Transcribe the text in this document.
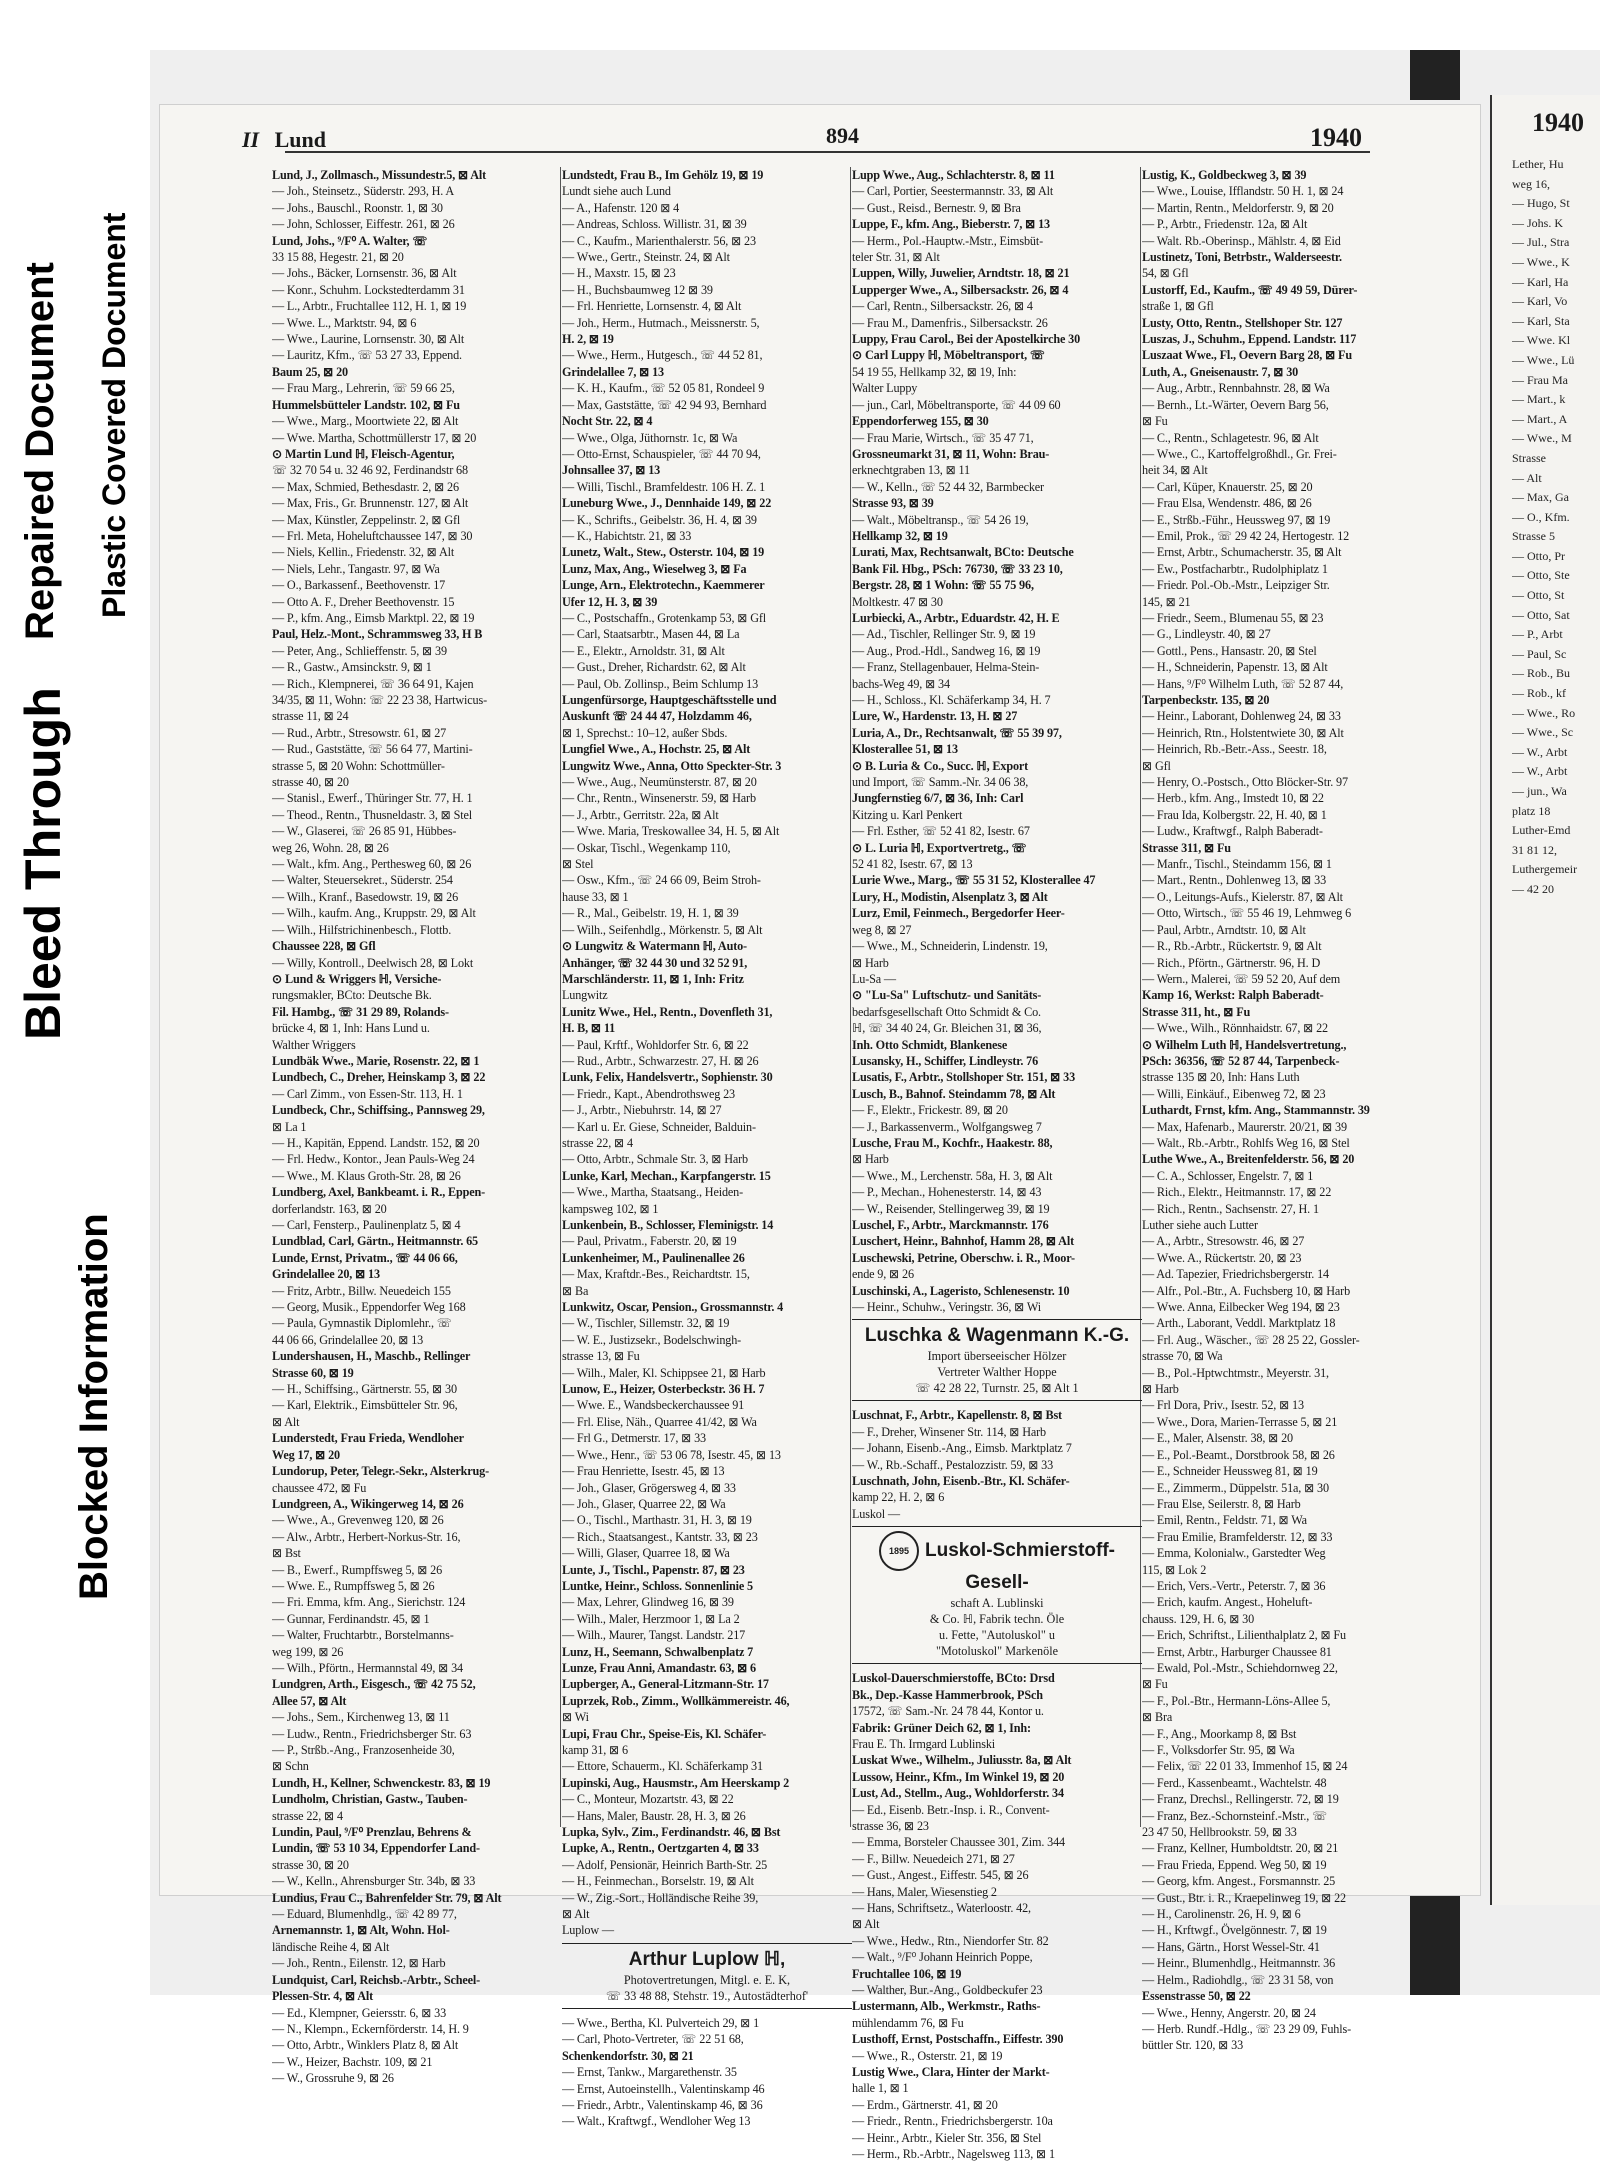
Repaired Document Plastic Covered Document
Bleed Through
Blocked Information
1940
Lether, Hu
weg 16,
— Hugo, St
— Johs. K
— Jul., Stra
— Wwe., K
— Karl, Ha
— Karl, Vo
— Karl, Sta
— Wwe. Kl
— Wwe., Lü
— Frau Ma
— Mart., k
— Mart., A
— Wwe., M
Strasse
— Alt
— Max, Ga
— O., Kfm.
Strasse 5
— Otto, Pr
— Otto, Ste
— Otto, St
— Otto, Sat
— P., Arbt
— Paul, Sc
— Rob., Bu
— Rob., kf
— Wwe., Ro
— Wwe., Sc
— W., Arbt
— W., Arbt
— jun., Wa
platz 18
Luther-Emd
31 81 12,
Luthergemeir
— 42 20
II Lund	894	1940

Lund, J., Zollmasch., Missundestr.5, ⊠ Alt

— Joh., Steinsetz., Süderstr. 293, H. A

— Johs., Bauschl., Roonstr. 1, ⊠ 30

— John, Schlosser, Eiffestr. 261, ⊠ 26

Lund, Johs., ⁹/F⁰ A. Walter, ☏

33 15 88, Hegestr. 21, ⊠ 20

— Johs., Bäcker, Lornsenstr. 36, ⊠ Alt

— Konr., Schuhm. Lockstedterdamm 31

— L., Arbtr., Fruchtallee 112, H. 1, ⊠ 19

— Wwe. L., Marktstr. 94, ⊠ 6

— Wwe., Laurine, Lornsenstr. 30, ⊠ Alt

— Lauritz, Kfm., ☏ 53 27 33, Eppend.

Baum 25, ⊠ 20

— Frau Marg., Lehrerin, ☏ 59 66 25,

Hummelsbütteler Landstr. 102, ⊠ Fu

— Wwe., Marg., Moortwiete 22, ⊠ Alt

— Wwe. Martha, Schottmüllerstr 17, ⊠ 20

⊙ Martin Lund ℍ, Fleisch-Agentur,

☏ 32 70 54 u. 32 46 92, Ferdinandstr 68

— Max, Schmied, Bethesdastr. 2, ⊠ 26

— Max, Fris., Gr. Brunnenstr. 127, ⊠ Alt

— Max, Künstler, Zeppelinstr. 2, ⊠ Gfl

— Frl. Meta, Hoheluftchaussee 147, ⊠ 30

— Niels, Kellin., Friedenstr. 32, ⊠ Alt

— Niels, Lehr., Tangastr. 97, ⊠ Wa

— O., Barkassenf., Beethovenstr. 17

— Otto A. F., Dreher Beethovenstr. 15

— P., kfm. Ang., Eimsb Marktpl. 22, ⊠ 19

Paul, Helz.-Mont., Schrammsweg 33, H B

— Peter, Ang., Schlieffenstr. 5, ⊠ 39

— R., Gastw., Amsinckstr. 9, ⊠ 1

— Rich., Klempnerei, ☏ 36 64 91, Kajen

34/35, ⊠ 11, Wohn: ☏ 22 23 38, Hartwicus-

strasse 11, ⊠ 24

— Rud., Arbtr., Stresowstr. 61, ⊠ 27

— Rud., Gaststätte, ☏ 56 64 77, Martini-

strasse 5, ⊠ 20 Wohn: Schottmüller-

strasse 40, ⊠ 20

— Stanisl., Ewerf., Thüringer Str. 77, H. 1

— Theod., Rentn., Thusneldastr. 3, ⊠ Stel

— W., Glaserei, ☏ 26 85 91, Hübbes-

weg 26, Wohn. 28, ⊠ 26

— Walt., kfm. Ang., Perthesweg 60, ⊠ 26

— Walter, Steuersekret., Süderstr. 254

— Wilh., Kranf., Basedowstr. 19, ⊠ 26

— Wilh., kaufm. Ang., Kruppstr. 29, ⊠ Alt

— Wilh., Hilfstrichinenbesch., Flottb.

Chaussee 228, ⊠ Gfl

— Willy, Kontroll., Deelwisch 28, ⊠ Lokt

⊙ Lund & Wriggers ℍ, Versiche-

rungsmakler, BCto: Deutsche Bk.

Fil. Hambg., ☏ 31 29 89, Rolands-

brücke 4, ⊠ 1, Inh: Hans Lund u.

Walther Wriggers

Lundbäk Wwe., Marie, Rosenstr. 22, ⊠ 1

Lundbech, C., Dreher, Heinskamp 3, ⊠ 22

— Carl Zimm., von Essen-Str. 113, H. 1

Lundbeck, Chr., Schiffsing., Pannsweg 29,

⊠ La 1

— H., Kapitän, Eppend. Landstr. 152, ⊠ 20

— Frl. Hedw., Kontor., Jean Pauls-Weg 24

— Wwe., M. Klaus Groth-Str. 28, ⊠ 26

Lundberg, Axel, Bankbeamt. i. R., Eppen-

dorferlandstr. 163, ⊠ 20

— Carl, Fensterp., Paulinenplatz 5, ⊠ 4

Lundblad, Carl, Gärtn., Heitmannstr. 65

Lunde, Ernst, Privatm., ☏ 44 06 66,

Grindelallee 20, ⊠ 13

— Fritz, Arbtr., Billw. Neuedeich 155

— Georg, Musik., Eppendorfer Weg 168

— Paula, Gymnastik Diplomlehr., ☏

44 06 66, Grindelallee 20, ⊠ 13

Lundershausen, H., Maschb., Rellinger

Strasse 60, ⊠ 19

— H., Schiffsing., Gärtnerstr. 55, ⊠ 30

— Karl, Elektrik., Eimsbütteler Str. 96,

⊠ Alt

Lunderstedt, Frau Frieda, Wendloher

Weg 17, ⊠ 20

Lundorup, Peter, Telegr.-Sekr., Alsterkrug-

chaussee 472, ⊠ Fu

Lundgreen, A., Wikingerweg 14, ⊠ 26

— Wwe., A., Grevenweg 120, ⊠ 26

— Alw., Arbtr., Herbert-Norkus-Str. 16,

⊠ Bst

— B., Ewerf., Rumpffsweg 5, ⊠ 26

— Wwe. E., Rumpffsweg 5, ⊠ 26

— Fri. Emma, kfm. Ang., Sierichstr. 124

— Gunnar, Ferdinandstr. 45, ⊠ 1

— Walter, Fruchtarbtr., Borstelmanns-

weg 199, ⊠ 26

— Wilh., Pförtn., Hermannstal 49, ⊠ 34

Lundgren, Arth., Eisgesch., ☏ 42 75 52,

Allee 57, ⊠ Alt

— Johs., Sem., Kirchenweg 13, ⊠ 11

— Ludw., Rentn., Friedrichsberger Str. 63

— P., Strßb.-Ang., Franzosenheide 30,

⊠ Schn

Lundh, H., Kellner, Schwenckestr. 83, ⊠ 19

Lundholm, Christian, Gastw., Tauben-

strasse 22, ⊠ 4

Lundin, Paul, ⁹/F⁰ Prenzlau, Behrens &

Lundin, ☏ 53 10 34, Eppendorfer Land-

strasse 30, ⊠ 20

— W., Kelln., Ahrensburger Str. 34b, ⊠ 33

Lundius, Frau C., Bahrenfelder Str. 79, ⊠ Alt

— Eduard, Blumenhdlg., ☏ 42 89 77,

Arnemannstr. 1, ⊠ Alt, Wohn. Hol-

ländische Reihe 4, ⊠ Alt

— Joh., Rentn., Eilenstr. 12, ⊠ Harb

Lundquist, Carl, Reichsb.-Arbtr., Scheel-

Plessen-Str. 4, ⊠ Alt

— Ed., Klempner, Geiersstr. 6, ⊠ 33

— N., Klempn., Eckernförderstr. 14, H. 9

— Otto, Arbtr., Winklers Platz 8, ⊠ Alt

— W., Heizer, Bachstr. 109, ⊠ 21

— W., Grossruhe 9, ⊠ 26

Lundstedt, Frau B., Im Gehölz 19, ⊠ 19

Lundt siehe auch Lund

— A., Hafenstr. 120 ⊠ 4

— Andreas, Schloss. Willistr. 31, ⊠ 39

— C., Kaufm., Marienthalerstr. 56, ⊠ 23

— Wwe., Gertr., Steinstr. 24, ⊠ Alt

— H., Maxstr. 15, ⊠ 23

— H., Buchsbaumweg 12 ⊠ 39

— Frl. Henriette, Lornsenstr. 4, ⊠ Alt

— Joh., Herm., Hutmach., Meissnerstr. 5,

H. 2, ⊠ 19

— Wwe., Herm., Hutgesch., ☏ 44 52 81,

Grindelallee 7, ⊠ 13

— K. H., Kaufm., ☏ 52 05 81, Rondeel 9

— Max, Gaststätte, ☏ 42 94 93, Bernhard

Nocht Str. 22, ⊠ 4

— Wwe., Olga, Jüthornstr. 1c, ⊠ Wa

— Otto-Ernst, Schauspieler, ☏ 44 70 94,

Johnsallee 37, ⊠ 13

— Willi, Tischl., Bramfeldestr. 106 H. Z. 1

Luneburg Wwe., J., Dennhaide 149, ⊠ 22

— K., Schrifts., Geibelstr. 36, H. 4, ⊠ 39

— K., Habichtstr. 21, ⊠ 33

Lunetz, Walt., Stew., Osterstr. 104, ⊠ 19

Lunz, Max, Ang., Wieselweg 3, ⊠ Fa

Lunge, Arn., Elektrotechn., Kaemmerer

Ufer 12, H. 3, ⊠ 39

— C., Postschaffn., Grotenkamp 53, ⊠ Gfl

— Carl, Staatsarbtr., Masen 44, ⊠ La

— E., Elektr., Arnoldstr. 31, ⊠ Alt

— Gust., Dreher, Richardstr. 62, ⊠ Alt

— Paul, Ob. Zollinsp., Beim Schlump 13

Lungenfürsorge, Hauptgeschäftsstelle und

Auskunft ☏ 24 44 47, Holzdamm 46,

⊠ 1, Sprechst.: 10–12, außer Sbds.

Lungfiel Wwe., A., Hochstr. 25, ⊠ Alt

Lungwitz Wwe., Anna, Otto Speckter-Str. 3

— Wwe., Aug., Neumünsterstr. 87, ⊠ 20

— Chr., Rentn., Winsenerstr. 59, ⊠ Harb

— J., Arbtr., Gerritstr. 22a, ⊠ Alt

— Wwe. Maria, Treskowallee 34, H. 5, ⊠ Alt

— Oskar, Tischl., Wegenkamp 110,

⊠ Stel

— Osw., Kfm., ☏ 24 66 09, Beim Stroh-

hause 33, ⊠ 1

— R., Mal., Geibelstr. 19, H. 1, ⊠ 39

— Wilh., Seifenhdlg., Mörkenstr. 5, ⊠ Alt

⊙ Lungwitz & Watermann ℍ, Auto-

Anhänger, ☏ 32 44 30 und 32 52 91,

Marschländerstr. 11, ⊠ 1, Inh: Fritz

Lungwitz

Lunitz Wwe., Hel., Rentn., Dovenfleth 31,

H. B, ⊠ 11

— Paul, Krftf., Wohldorfer Str. 6, ⊠ 22

— Rud., Arbtr., Schwarzestr. 27, H. ⊠ 26

Lunk, Felix, Handelsvertr., Sophienstr. 30

— Friedr., Kapt., Abendrothsweg 23

— J., Arbtr., Niebuhrstr. 14, ⊠ 27

— Karl u. Er. Giese, Schneider, Balduin-

strasse 22, ⊠ 4

— Otto, Arbtr., Schmale Str. 3, ⊠ Harb

Lunke, Karl, Mechan., Karpfangerstr. 15

— Wwe., Martha, Staatsang., Heiden-

kampsweg 102, ⊠ 1

Lunkenbein, B., Schlosser, Fleminigstr. 14

— Paul, Privatm., Faberstr. 20, ⊠ 19

Lunkenheimer, M., Paulinenallee 26

— Max, Kraftdr.-Bes., Reichardtstr. 15,

⊠ Ba

Lunkwitz, Oscar, Pension., Grossmannstr. 4

— W., Tischler, Sillemstr. 32, ⊠ 19

— W. E., Justizsekr., Bodelschwingh-

strasse 13, ⊠ Fu

— Wilh., Maler, Kl. Schippsee 21, ⊠ Harb

Lunow, E., Heizer, Osterbeckstr. 36 H. 7

— Wwe. E., Wandsbeckerchaussee 91

— Frl. Elise, Näh., Quarree 41/42, ⊠ Wa

— Frl G., Detmerstr. 17, ⊠ 33

— Wwe., Henr., ☏ 53 06 78, Isestr. 45, ⊠ 13

— Frau Henriette, Isestr. 45, ⊠ 13

— Joh., Glaser, Grögersweg 4, ⊠ 33

— Joh., Glaser, Quarree 22, ⊠ Wa

— O., Tischl., Marthastr. 31, H. 3, ⊠ 19

— Rich., Staatsangest., Kantstr. 33, ⊠ 23

— Willi, Glaser, Quarree 18, ⊠ Wa

Lunte, J., Tischl., Papenstr. 87, ⊠ 23

Luntke, Heinr., Schloss. Sonnenlinie 5

— Max, Lehrer, Glindweg 16, ⊠ 39

— Wilh., Maler, Herzmoor 1, ⊠ La 2

— Wilh., Maurer, Tangst. Landstr. 217

Lunz, H., Seemann, Schwalbenplatz 7

Lunze, Frau Anni, Amandastr. 63, ⊠ 6

Lupberger, A., General-Litzmann-Str. 17

Luprzek, Rob., Zimm., Wollkämmereistr. 46,

⊠ Wi

Lupi, Frau Chr., Speise-Eis, Kl. Schäfer-

kamp 31, ⊠ 6

— Ettore, Schauerm., Kl. Schäferkamp 31

Lupinski, Aug., Hausmstr., Am Heerskamp 2

— C., Monteur, Mozartstr. 43, ⊠ 22

— Hans, Maler, Baustr. 28, H. 3, ⊠ 26

Lupka, Sylv., Zim., Ferdinandstr. 46, ⊠ Bst

Lupke, A., Rentn., Oertzgarten 4, ⊠ 33

— Adolf, Pensionär, Heinrich Barth-Str. 25

— H., Feinmechan., Borselstr. 19, ⊠ Alt

— W., Zig.-Sort., Holländische Reihe 39,

⊠ Alt

Luplow —

Arthur Luplow ℍ,
Photovertretungen, Mitgl. e. E. K,
☏ 33 48 88, Stehstr. 19., Autostädterhof'

— Wwe., Bertha, Kl. Pulverteich 29, ⊠ 1

— Carl, Photo-Vertreter, ☏ 22 51 68,

Schenkendorfstr. 30, ⊠ 21

— Ernst, Tankw., Margarethenstr. 35

— Ernst, Autoeinstellh., Valentinskamp 46

— Friedr., Arbtr., Valentinskamp 46, ⊠ 36

— Walt., Kraftwgf., Wendloher Weg 13

Lupp Wwe., Aug., Schlachterstr. 8, ⊠ 11

— Carl, Portier, Seestermannstr. 33, ⊠ Alt

— Gust., Reisd., Bernestr. 9, ⊠ Bra

Luppe, F., kfm. Ang., Bieberstr. 7, ⊠ 13

— Herm., Pol.-Hauptw.-Mstr., Eimsbüt-

teler Str. 31, ⊠ Alt

Luppen, Willy, Juwelier, Arndtstr. 18, ⊠ 21

Lupperger Wwe., A., Silbersackstr. 26, ⊠ 4

— Carl, Rentn., Silbersackstr. 26, ⊠ 4

— Frau M., Damenfris., Silbersackstr. 26

Luppy, Frau Carol., Bei der Apostelkirche 30

⊙ Carl Luppy ℍ, Möbeltransport, ☏

54 19 55, Hellkamp 32, ⊠ 19, Inh:

Walter Luppy

— jun., Carl, Möbeltransporte, ☏ 44 09 60

Eppendorferweg 155, ⊠ 30

— Frau Marie, Wirtsch., ☏ 35 47 71,

Grossneumarkt 31, ⊠ 11, Wohn: Brau-

erknechtgraben 13, ⊠ 11

— W., Kelln., ☏ 52 44 32, Barmbecker

Strasse 93, ⊠ 39

— Walt., Möbeltransp., ☏ 54 26 19,

Hellkamp 32, ⊠ 19

Lurati, Max, Rechtsanwalt, BCto: Deutsche

Bank Fil. Hbg., PSch: 76730, ☏ 33 23 10,

Bergstr. 28, ⊠ 1 Wohn: ☏ 55 75 96,

Moltkestr. 47 ⊠ 30

Lurbiecki, A., Arbtr., Eduardstr. 42, H. E

— Ad., Tischler, Rellinger Str. 9, ⊠ 19

— Aug., Prod.-Hdl., Sandweg 16, ⊠ 19

— Franz, Stellagenbauer, Helma-Stein-

bachs-Weg 49, ⊠ 34

— H., Schloss., Kl. Schäferkamp 34, H. 7

Lure, W., Hardenstr. 13, H. ⊠ 27

Luria, A., Dr., Rechtsanwalt, ☏ 55 39 97,

Klosterallee 51, ⊠ 13

⊙ B. Luria & Co., Succ. ℍ, Export

und Import, ☏ Samm.-Nr. 34 06 38,

Jungfernstieg 6/7, ⊠ 36, Inh: Carl

Kitzing u. Karl Penkert

— Frl. Esther, ☏ 52 41 82, Isestr. 67

⊙ L. Luria ℍ, Exportvertretg., ☏

52 41 82, Isestr. 67, ⊠ 13

Lurie Wwe., Marg., ☏ 55 31 52, Klosterallee 47

Lury, H., Modistin, Alsenplatz 3, ⊠ Alt

Lurz, Emil, Feinmech., Bergedorfer Heer-

weg 8, ⊠ 27

— Wwe., M., Schneiderin, Lindenstr. 19,

⊠ Harb

Lu-Sa —

⊙ "Lu-Sa" Luftschutz- und Sanitäts-

bedarfsgesellschaft Otto Schmidt & Co.

ℍ, ☏ 34 40 24, Gr. Bleichen 31, ⊠ 36,

Inh. Otto Schmidt, Blankenese

Lusansky, H., Schiffer, Lindleystr. 76

Lusatis, F., Arbtr., Stollshoper Str. 151, ⊠ 33

Lusch, B., Bahnof. Steindamm 78, ⊠ Alt

— F., Elektr., Frickestr. 89, ⊠ 20

— J., Barkassenverm., Wolfgangsweg 7

Lusche, Frau M., Kochfr., Haakestr. 88,

⊠ Harb

— Wwe., M., Lerchenstr. 58a, H. 3, ⊠ Alt

— P., Mechan., Hohenesterstr. 14, ⊠ 43

— W., Reisender, Stellingerweg 39, ⊠ 19

Luschel, F., Arbtr., Marckmannstr. 176

Luschert, Heinr., Bahnhof, Hamm 28, ⊠ Alt

Luschewski, Petrine, Oberschw. i. R., Moor-

ende 9, ⊠ 26

Luschinski, A., Lageristo, Schlenesenstr. 10

— Heinr., Schuhw., Veringstr. 36, ⊠ Wi

Luschka & Wagenmann K.-G.
Import überseeischer Hölzer
Vertreter Walther Hoppe
☏ 42 28 22, Turnstr. 25, ⊠ Alt 1

Luschnat, F., Arbtr., Kapellenstr. 8, ⊠ Bst

— F., Dreher, Winsener Str. 114, ⊠ Harb

— Johann, Eisenb.-Ang., Eimsb. Marktplatz 7

— W., Rb.-Schaff., Pestalozzistr. 59, ⊠ 33

Luschnath, John, Eisenb.-Btr., Kl. Schäfer-

kamp 22, H. 2, ⊠ 6

Luskol —

1895 Luskol-Schmierstoff-Gesell-
schaft A. Lublinski
& Co. ℍ, Fabrik techn. Öle
u. Fette, "Autoluskol" u
"Motoluskol" Markenöle

Luskol-Dauerschmierstoffe, BCto: Drsd

Bk., Dep.-Kasse Hammerbrook, PSch

17572, ☏ Sam.-Nr. 24 78 44, Kontor u.

Fabrik: Grüner Deich 62, ⊠ 1, Inh:

Frau E. Th. Irmgard Lublinski

Luskat Wwe., Wilhelm., Juliusstr. 8a, ⊠ Alt

Lussow, Heinr., Kfm., Im Winkel 19, ⊠ 20

Lust, Ad., Stellm., Aug., Wohldorferstr. 34

— Ed., Eisenb. Betr.-Insp. i. R., Convent-

strasse 36, ⊠ 23

— Emma, Borsteler Chaussee 301, Zim. 344

— F., Billw. Neuedeich 271, ⊠ 27

— Gust., Angest., Eiffestr. 545, ⊠ 26

— Hans, Maler, Wiesenstieg 2

— Hans, Schriftsetz., Waterloostr. 42,

⊠ Alt

— Wwe., Hedw., Rtn., Niendorfer Str. 82

— Walt., ⁹/F⁰ Johann Heinrich Poppe,

Fruchtallee 106, ⊠ 19

— Walther, Bur.-Ang., Goldbeckufer 23

Lustermann, Alb., Werkmstr., Raths-

mühlendamm 76, ⊠ Fu

Lusthoff, Ernst, Postschaffn., Eiffestr. 390

— Wwe., R., Osterstr. 21, ⊠ 19

Lustig Wwe., Clara, Hinter der Markt-

halle 1, ⊠ 1

— Erdm., Gärtnerstr. 41, ⊠ 20

— Friedr., Rentn., Friedrichsbergerstr. 10a

— Heinr., Arbtr., Kieler Str. 356, ⊠ Stel

— Herm., Rb.-Arbtr., Nagelsweg 113, ⊠ 1

Lustig, K., Goldbeckweg 3, ⊠ 39

— Wwe., Louise, Ifflandstr. 50 H. 1, ⊠ 24

— Martin, Rentn., Meldorferstr. 9, ⊠ 20

— P., Arbtr., Friedenstr. 12a, ⊠ Alt

— Walt. Rb.-Oberinsp., Mählstr. 4, ⊠ Eid

Lustinetz, Toni, Betrbstr., Walderseestr.

54, ⊠ Gfl

Lustorff, Ed., Kaufm., ☏ 49 49 59, Dürer-

straße 1, ⊠ Gfl

Lusty, Otto, Rentn., Stellshoper Str. 127

Luszas, J., Schuhm., Eppend. Landstr. 117

Luszaat Wwe., Fl., Oevern Barg 28, ⊠ Fu

Luth, A., Gneisenaustr. 7, ⊠ 30

— Aug., Arbtr., Rennbahnstr. 28, ⊠ Wa

— Bernh., Lt.-Wärter, Oevern Barg 56,

⊠ Fu

— C., Rentn., Schlagetestr. 96, ⊠ Alt

— Wwe., C., Kartoffelgroßhdl., Gr. Frei-

heit 34, ⊠ Alt

— Carl, Küper, Knauerstr. 25, ⊠ 20

— Frau Elsa, Wendenstr. 486, ⊠ 26

— E., Strßb.-Führ., Heussweg 97, ⊠ 19

— Emil, Prok., ☏ 29 42 24, Hertogestr. 12

— Ernst, Arbtr., Schumacherstr. 35, ⊠ Alt

— Ew., Postfacharbtr., Rudolphiplatz 1

— Friedr. Pol.-Ob.-Mstr., Leipziger Str.

145, ⊠ 21

— Friedr., Seem., Blumenau 55, ⊠ 23

— G., Lindleystr. 40, ⊠ 27

— Gottl., Pens., Hansastr. 20, ⊠ Stel

— H., Schneiderin, Papenstr. 13, ⊠ Alt

— Hans, ⁹/F⁰ Wilhelm Luth, ☏ 52 87 44,

Tarpenbeckstr. 135, ⊠ 20

— Heinr., Laborant, Dohlenweg 24, ⊠ 33

— Heinrich, Rtn., Holstentwiete 30, ⊠ Alt

— Heinrich, Rb.-Betr.-Ass., Seestr. 18,

⊠ Gfl

— Henry, O.-Postsch., Otto Blöcker-Str. 97

— Herb., kfm. Ang., Imstedt 10, ⊠ 22

— Frau Ida, Kolbergstr. 22, H. 40, ⊠ 1

— Ludw., Kraftwgf., Ralph Baberadt-

Strasse 311, ⊠ Fu

— Manfr., Tischl., Steindamm 156, ⊠ 1

— Mart., Rentn., Dohlenweg 13, ⊠ 33

— O., Leitungs-Aufs., Kielerstr. 87, ⊠ Alt

— Otto, Wirtsch., ☏ 55 46 19, Lehmweg 6

— Paul, Arbtr., Arndtstr. 10, ⊠ Alt

— R., Rb.-Arbtr., Rückertstr. 9, ⊠ Alt

— Rich., Pförtn., Gärtnerstr. 96, H. D

— Wern., Malerei, ☏ 59 52 20, Auf dem

Kamp 16, Werkst: Ralph Baberadt-

Strasse 311, ht., ⊠ Fu

— Wwe., Wilh., Rönnhaidstr. 67, ⊠ 22

⊙ Wilhelm Luth ℍ, Handelsvertretung.,

PSch: 36356, ☏ 52 87 44, Tarpenbeck-

strasse 135 ⊠ 20, Inh: Hans Luth

— Willi, Einkäuf., Eibenweg 72, ⊠ 23

Luthardt, Frnst, kfm. Ang., Stammannstr. 39

— Max, Hafenarb., Maurerstr. 20/21, ⊠ 39

— Walt., Rb.-Arbtr., Rohlfs Weg 16, ⊠ Stel

Luthe Wwe., A., Breitenfelderstr. 56, ⊠ 20

— C. A., Schlosser, Engelstr. 7, ⊠ 1

— Rich., Elektr., Heitmannstr. 17, ⊠ 22

— Rich., Rentn., Sachsenstr. 27, H. 1

Luther siehe auch Lutter

— A., Arbtr., Stresowstr. 46, ⊠ 27

— Wwe. A., Rückertstr. 20, ⊠ 23

— Ad. Tapezier, Friedrichsbergerstr. 14

— Alfr., Pol.-Btr., A. Fuchsberg 10, ⊠ Harb

— Wwe. Anna, Eilbecker Weg 194, ⊠ 23

— Arth., Laborant, Veddl. Marktplatz 18

— Frl. Aug., Wäscher., ☏ 28 25 22, Gossler-

strasse 70, ⊠ Wa

— B., Pol.-Hptwchtmstr., Meyerstr. 31,

⊠ Harb

— Frl Dora, Priv., Isestr. 52, ⊠ 13

— Wwe., Dora, Marien-Terrasse 5, ⊠ 21

— E., Maler, Alsenstr. 38, ⊠ 20

— E., Pol.-Beamt., Dorstbrook 58, ⊠ 26

— E., Schneider Heussweg 81, ⊠ 19

— E., Zimmerm., Düppelstr. 51a, ⊠ 30

— Frau Else, Seilerstr. 8, ⊠ Harb

— Emil, Rentn., Feldstr. 71, ⊠ Wa

— Frau Emilie, Bramfelderstr. 12, ⊠ 33

— Emma, Kolonialw., Garstedter Weg

115, ⊠ Lok 2

— Erich, Vers.-Vertr., Peterstr. 7, ⊠ 36

— Erich, kaufm. Angest., Hoheluft-

chauss. 129, H. 6, ⊠ 30

— Erich, Schriftst., Lilienthalplatz 2, ⊠ Fu

— Ernst, Arbtr., Harburger Chaussee 81

— Ewald, Pol.-Mstr., Schiehdornweg 22,

⊠ Fu

— F., Pol.-Btr., Hermann-Löns-Allee 5,

⊠ Bra

— F., Ang., Moorkamp 8, ⊠ Bst

— F., Volksdorfer Str. 95, ⊠ Wa

— Felix, ☏ 22 01 33, Immenhof 15, ⊠ 24

— Ferd., Kassenbeamt., Wachtelstr. 48

— Franz, Drechsl., Rellingerstr. 72, ⊠ 19

— Franz, Bez.-Schornsteinf.-Mstr., ☏

23 47 50, Hellbrookstr. 59, ⊠ 33

— Franz, Kellner, Humboldtstr. 20, ⊠ 21

— Frau Frieda, Eppend. Weg 50, ⊠ 19

— Georg, kfm. Angest., Forsmannstr. 25

— Gust., Btr. i. R., Kraepelinweg 19, ⊠ 22

— H., Carolinenstr. 26, H. 9, ⊠ 6

— H., Krftwgf., Övelgönnestr. 7, ⊠ 19

— Hans, Gärtn., Horst Wessel-Str. 41

— Heinr., Blumenhdlg., Heitmannstr. 36

— Helm., Radiohdlg., ☏ 23 31 58, von

Essenstrasse 50, ⊠ 22

— Wwe., Henny, Angerstr. 20, ⊠ 24

— Herb. Rundf.-Hdlg., ☏ 23 29 09, Fuhls-

büttler Str. 120, ⊠ 33
